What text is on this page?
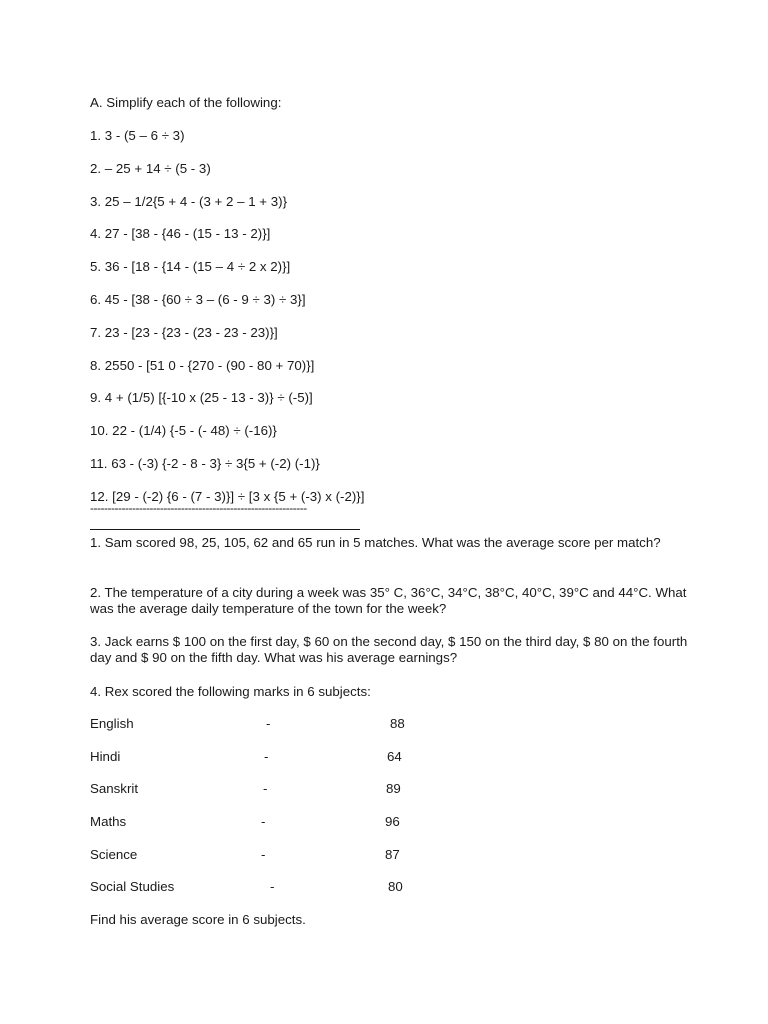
A. Simplify each of the following:
1. 3 - (5 – 6 ÷ 3)
2. – 25 + 14 ÷ (5 - 3)
3. 25 – 1/2{5 + 4 - (3 + 2 – 1 + 3)}
4. 27 - [38 - {46 - (15 - 13 - 2)}]
5. 36 - [18 - {14 - (15 – 4 ÷ 2 x 2)}]
6. 45 - [38 - {60 ÷ 3 – (6 - 9 ÷ 3) ÷ 3}]
7. 23 - [23 - {23 - (23 - 23 - 23)}]
8. 2550 - [51 0 - {270 - (90 - 80 + 70)}]
9. 4 + (1/5) [{-10 x (25 - 13 - 3)} ÷ (-5)]
10. 22 - (1/4) {-5 - (- 48) ÷ (-16)}
11. 63 - (-3) {-2 - 8 - 3} ÷ 3{5 + (-2) (-1)}
12. [29 - (-2) {6 - (7 - 3)}] ÷ [3 x {5 + (-3) x (-2)}]
--------------------------------------------------------------
1. Sam scored 98, 25, 105, 62 and 65 run in 5 matches. What was the average score per match?
2. The temperature of a city during a week was 35° C, 36°C, 34°C, 38°C, 40°C, 39°C and 44°C. What was the average daily temperature of the town for the week?
3. Jack earns $ 100 on the first day, $ 60 on the second day, $ 150 on the third day, $ 80 on the fourth day and $ 90 on the fifth day. What was his average earnings?
4. Rex scored the following marks in 6 subjects:
English	-	88
Hindi	-	64
Sanskrit	-	89
Maths	-	96
Science	-	87
Social Studies	-	80
Find his average score in 6 subjects.
